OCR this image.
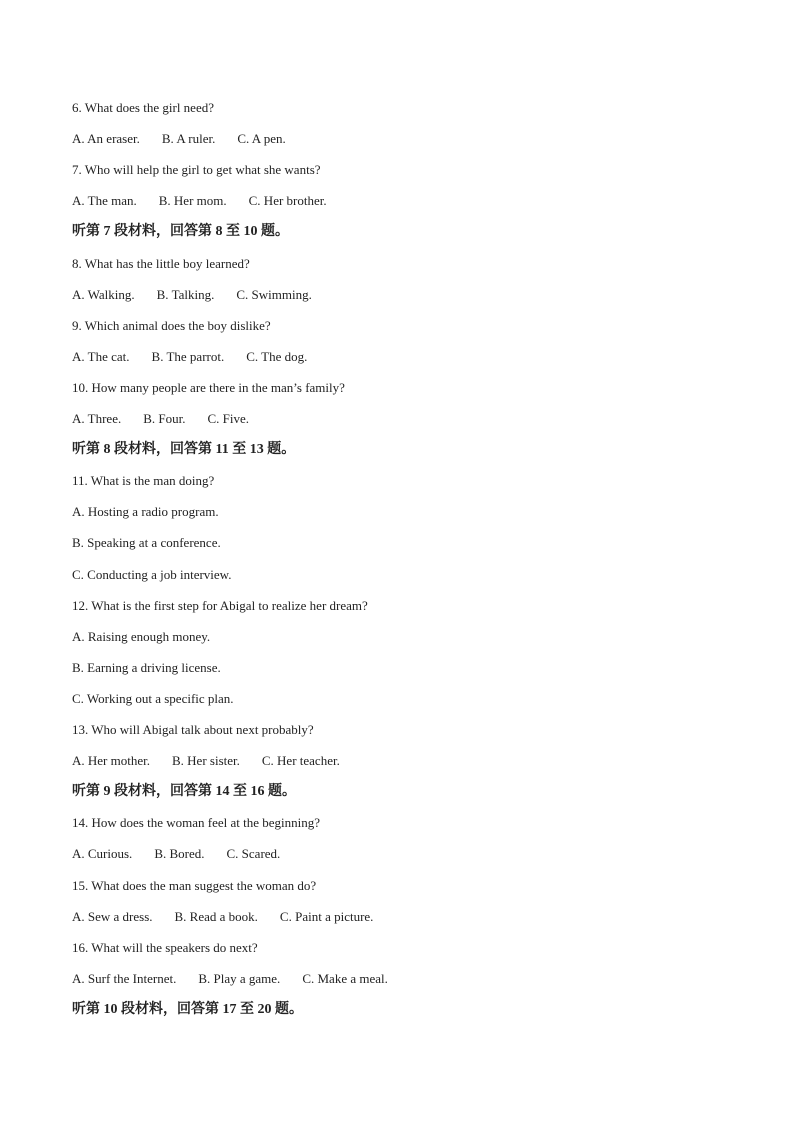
6. What does the girl need?
A. An eraser. B. A ruler. C. A pen.
7. Who will help the girl to get what she wants?
A. The man. B. Her mom. C. Her brother.
听第 7 段材料，回答第 8 至 10 题。
8. What has the little boy learned?
A. Walking. B. Talking. C. Swimming.
9. Which animal does the boy dislike?
A. The cat. B. The parrot. C. The dog.
10. How many people are there in the man’s family?
A. Three. B. Four. C. Five.
听第 8 段材料，回答第 11 至 13 题。
11. What is the man doing?
A. Hosting a radio program.
B. Speaking at a conference.
C. Conducting a job interview.
12. What is the first step for Abigal to realize her dream?
A. Raising enough money.
B. Earning a driving license.
C. Working out a specific plan.
13. Who will Abigal talk about next probably?
A. Her mother. B. Her sister. C. Her teacher.
听第 9 段材料，回答第 14 至 16 题。
14. How does the woman feel at the beginning?
A. Curious. B. Bored. C. Scared.
15. What does the man suggest the woman do?
A. Sew a dress. B. Read a book. C. Paint a picture.
16. What will the speakers do next?
A. Surf the Internet. B. Play a game. C. Make a meal.
听第 10 段材料，回答第 17 至 20 题。
